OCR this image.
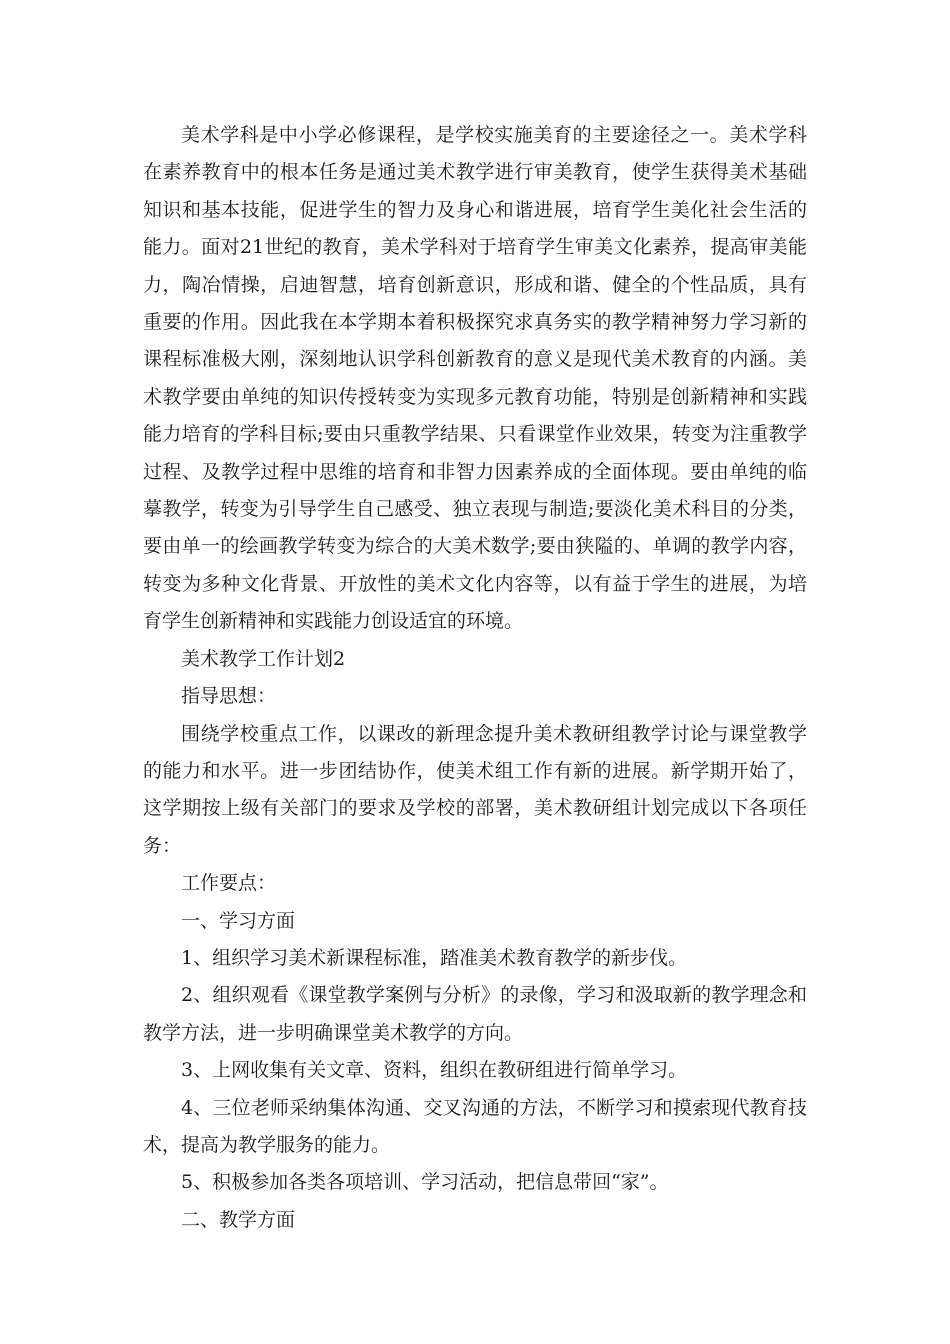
美术学科是中小学必修课程，是学校实施美育的主要途径之一。美术学科在素养教育中的根本任务是通过美术教学进行审美教育，使学生获得美术基础知识和基本技能，促进学生的智力及身心和谐进展，培育学生美化社会生活的能力。面对21世纪的教育，美术学科对于培育学生审美文化素养，提高审美能力，陶冶情操，启迪智慧，培育创新意识，形成和谐、健全的个性品质，具有重要的作用。因此我在本学期本着积极探究求真务实的教学精神努力学习新的课程标准极大刚，深刻地认识学科创新教育的意义是现代美术教育的内涵。美术教学要由单纯的知识传授转变为实现多元教育功能，特别是创新精神和实践能力培育的学科目标;要由只重教学结果、只看课堂作业效果，转变为注重教学过程、及教学过程中思维的培育和非智力因素养成的全面体现。要由单纯的临摹教学，转变为引导学生自己感受、独立表现与制造;要淡化美术科目的分类，要由单一的绘画教学转变为综合的大美术数学;要由狭隘的、单调的教学内容，转变为多种文化背景、开放性的美术文化内容等，以有益于学生的进展，为培育学生创新精神和实践能力创设适宜的环境。

美术教学工作计划2

指导思想：

围绕学校重点工作，以课改的新理念提升美术教研组教学讨论与课堂教学的能力和水平。进一步团结协作，使美术组工作有新的进展。新学期开始了，这学期按上级有关部门的要求及学校的部署，美术教研组计划完成以下各项任务：

工作要点：

一、学习方面

1、组织学习美术新课程标准，踏准美术教育教学的新步伐。

2、组织观看《课堂教学案例与分析》的录像，学习和汲取新的教学理念和教学方法，进一步明确课堂美术教学的方向。

3、上网收集有关文章、资料，组织在教研组进行简单学习。

4、三位老师采纳集体沟通、交叉沟通的方法，不断学习和摸索现代教育技术，提高为教学服务的能力。

5、积极参加各类各项培训、学习活动，把信息带回“家”。

二、教学方面
